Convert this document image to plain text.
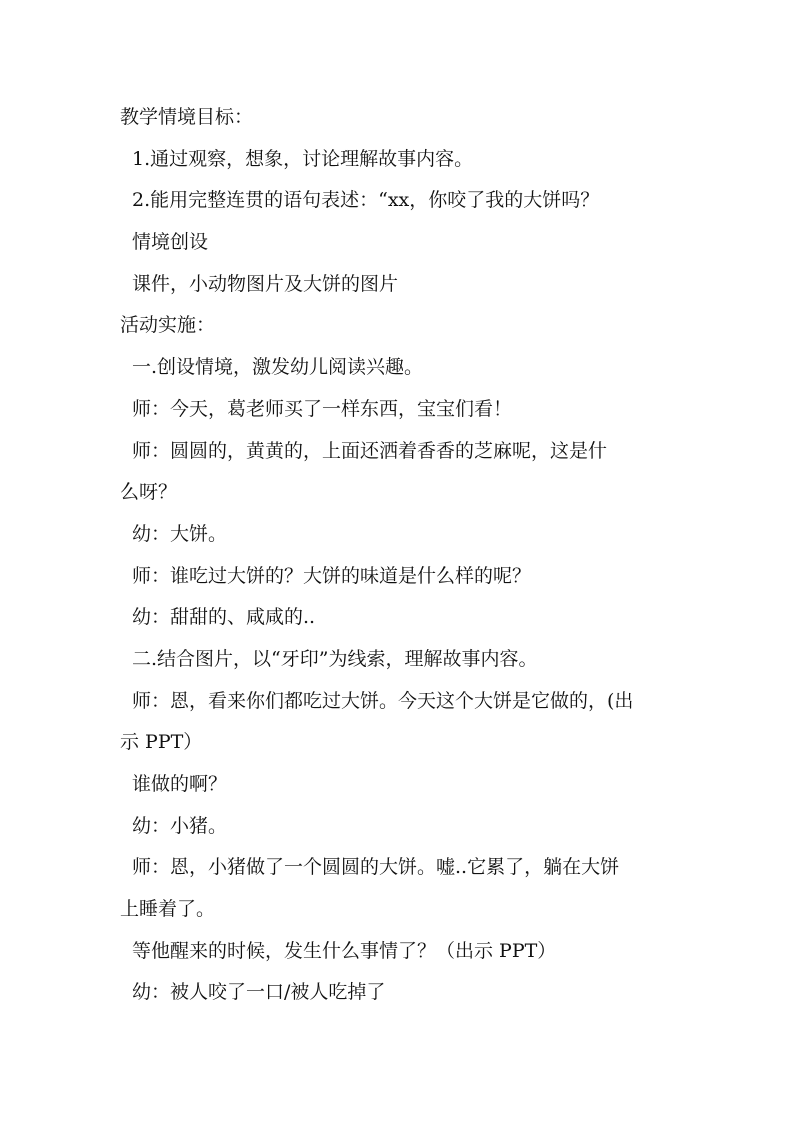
教学情境目标：
1.通过观察，想象，讨论理解故事内容。
2.能用完整连贯的语句表述：“xx，你咬了我的大饼吗？
情境创设
课件，小动物图片及大饼的图片
活动实施：
一.创设情境，激发幼儿阅读兴趣。
师：今天，葛老师买了一样东西，宝宝们看！
师：圆圆的，黄黄的，上面还洒着香香的芝麻呢，这是什
么呀？
幼：大饼。
师：谁吃过大饼的？大饼的味道是什么样的呢？
幼：甜甜的、咸咸的..
二.结合图片，以“牙印”为线索，理解故事内容。
师：恩，看来你们都吃过大饼。今天这个大饼是它做的，(出
示 PPT）
谁做的啊？
幼：小猪。
师：恩，小猪做了一个圆圆的大饼。嘘..它累了，躺在大饼
上睡着了。
等他醒来的时候，发生什么事情了？（出示 PPT）
幼：被人咬了一口/被人吃掉了
